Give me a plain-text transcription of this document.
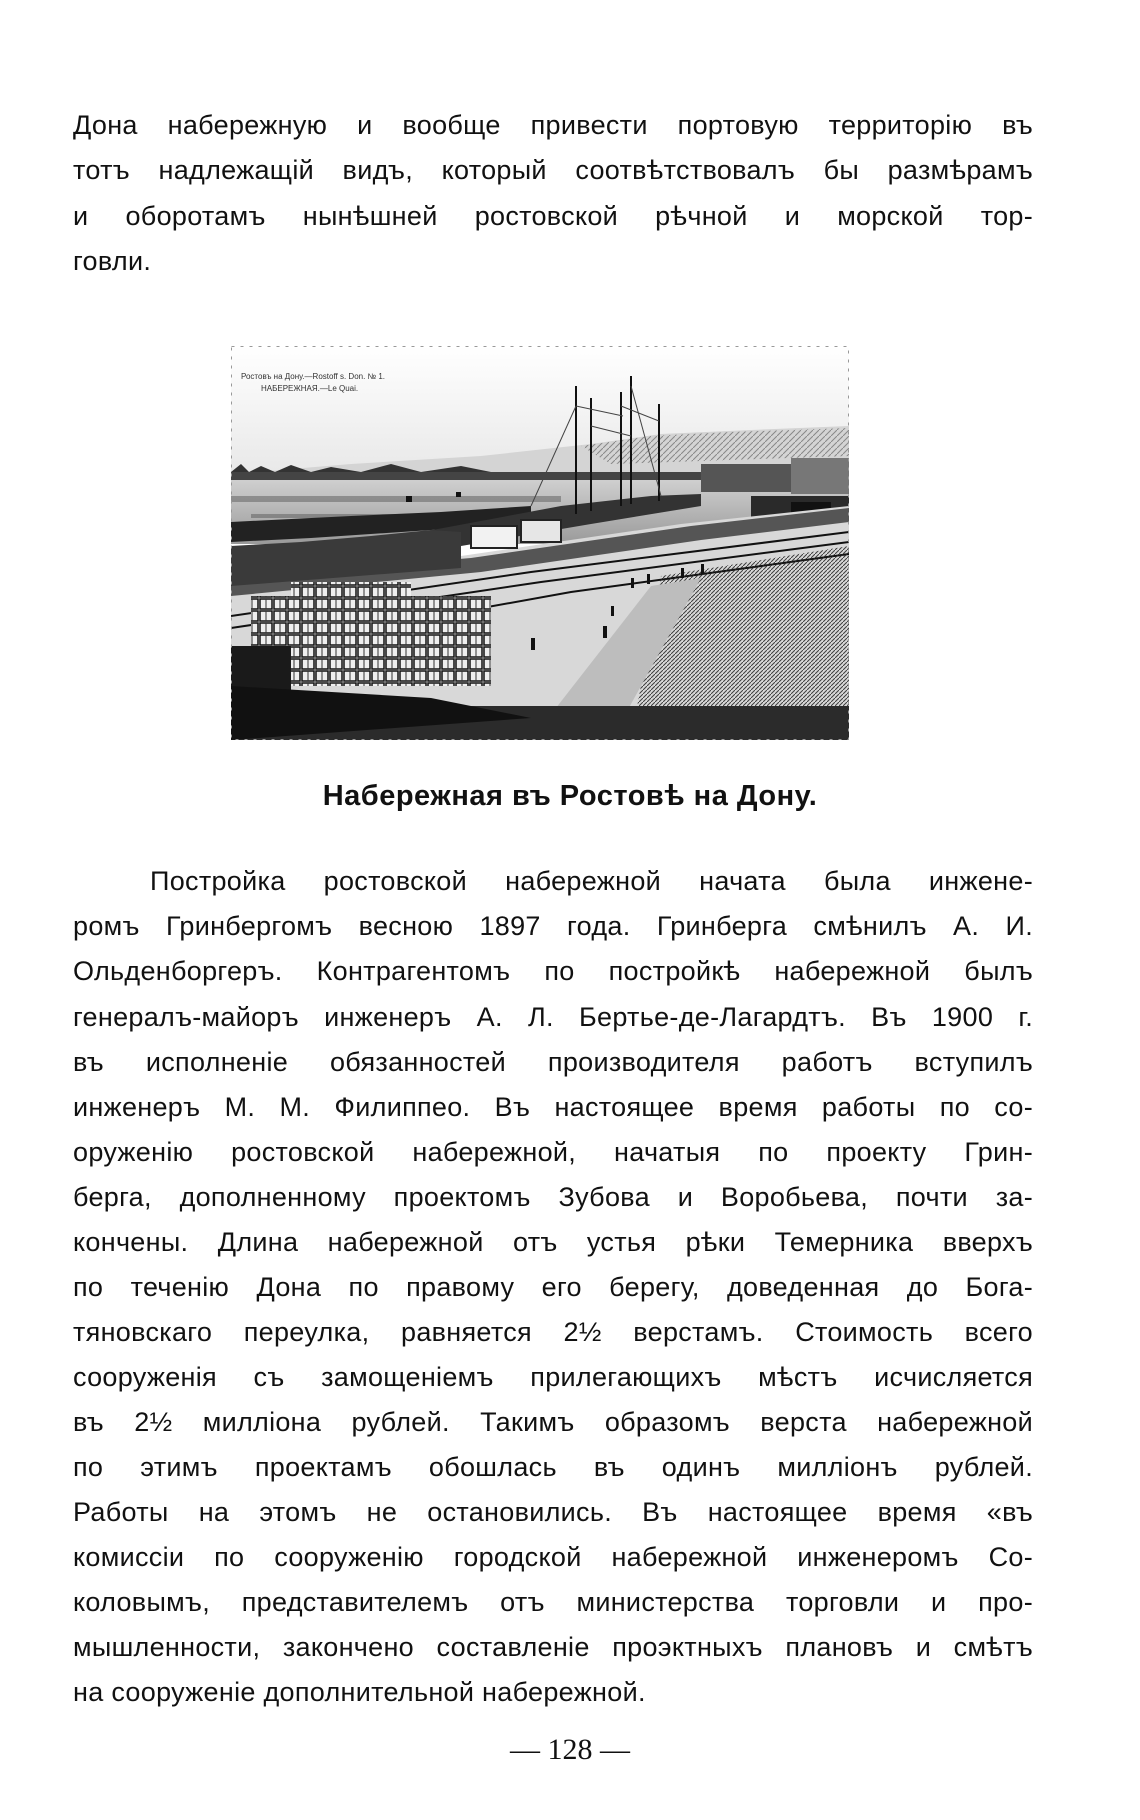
Дона набережную и вообще привести портовую территорію въ
тотъ надлежащій видъ, который соотвѣтствовалъ бы размѣрамъ
и оборотамъ нынѣшней ростовской рѣчной и морской тор-
говли.
Ростовъ на Дону.—Rostoff s. Don. № 1.
НАБЕРЕЖНАЯ.—Le Quai.
Набережная въ Ростовѣ на Дону.
Постройка ростовской набережной начата была инжене-
ромъ Гринбергомъ весною 1897 года. Гринберга смѣнилъ А. И.
Ольденборгеръ. Контрагентомъ по постройкѣ набережной былъ
генералъ-майоръ инженеръ А. Л. Бертье-де-Лагардтъ. Въ 1900 г.
въ исполненіе обязанностей производителя работъ вступилъ
инженеръ М. М. Филиппео. Въ настоящее время работы по со-
оруженію ростовской набережной, начатыя по проекту Грин-
берга, дополненному проектомъ Зубова и Воробьева, почти за-
кончены. Длина набережной отъ устья рѣки Темерника вверхъ
по теченію Дона по правому его берегу, доведенная до Бога-
тяновскаго переулка, равняется 2½ верстамъ. Стоимость всего
сооруженія съ замощеніемъ прилегающихъ мѣстъ исчисляется
въ 2½ милліона рублей. Такимъ образомъ верста набережной
по этимъ проектамъ обошлась въ одинъ милліонъ рублей.
Работы на этомъ не остановились. Въ настоящее время «въ
комиссіи по сооруженію городской набережной инженеромъ Со-
коловымъ, представителемъ отъ министерства торговли и про-
мышленности, закончено составленіе проэктныхъ плановъ и смѣтъ
на сооруженіе дополнительной набережной.
— 128 —
